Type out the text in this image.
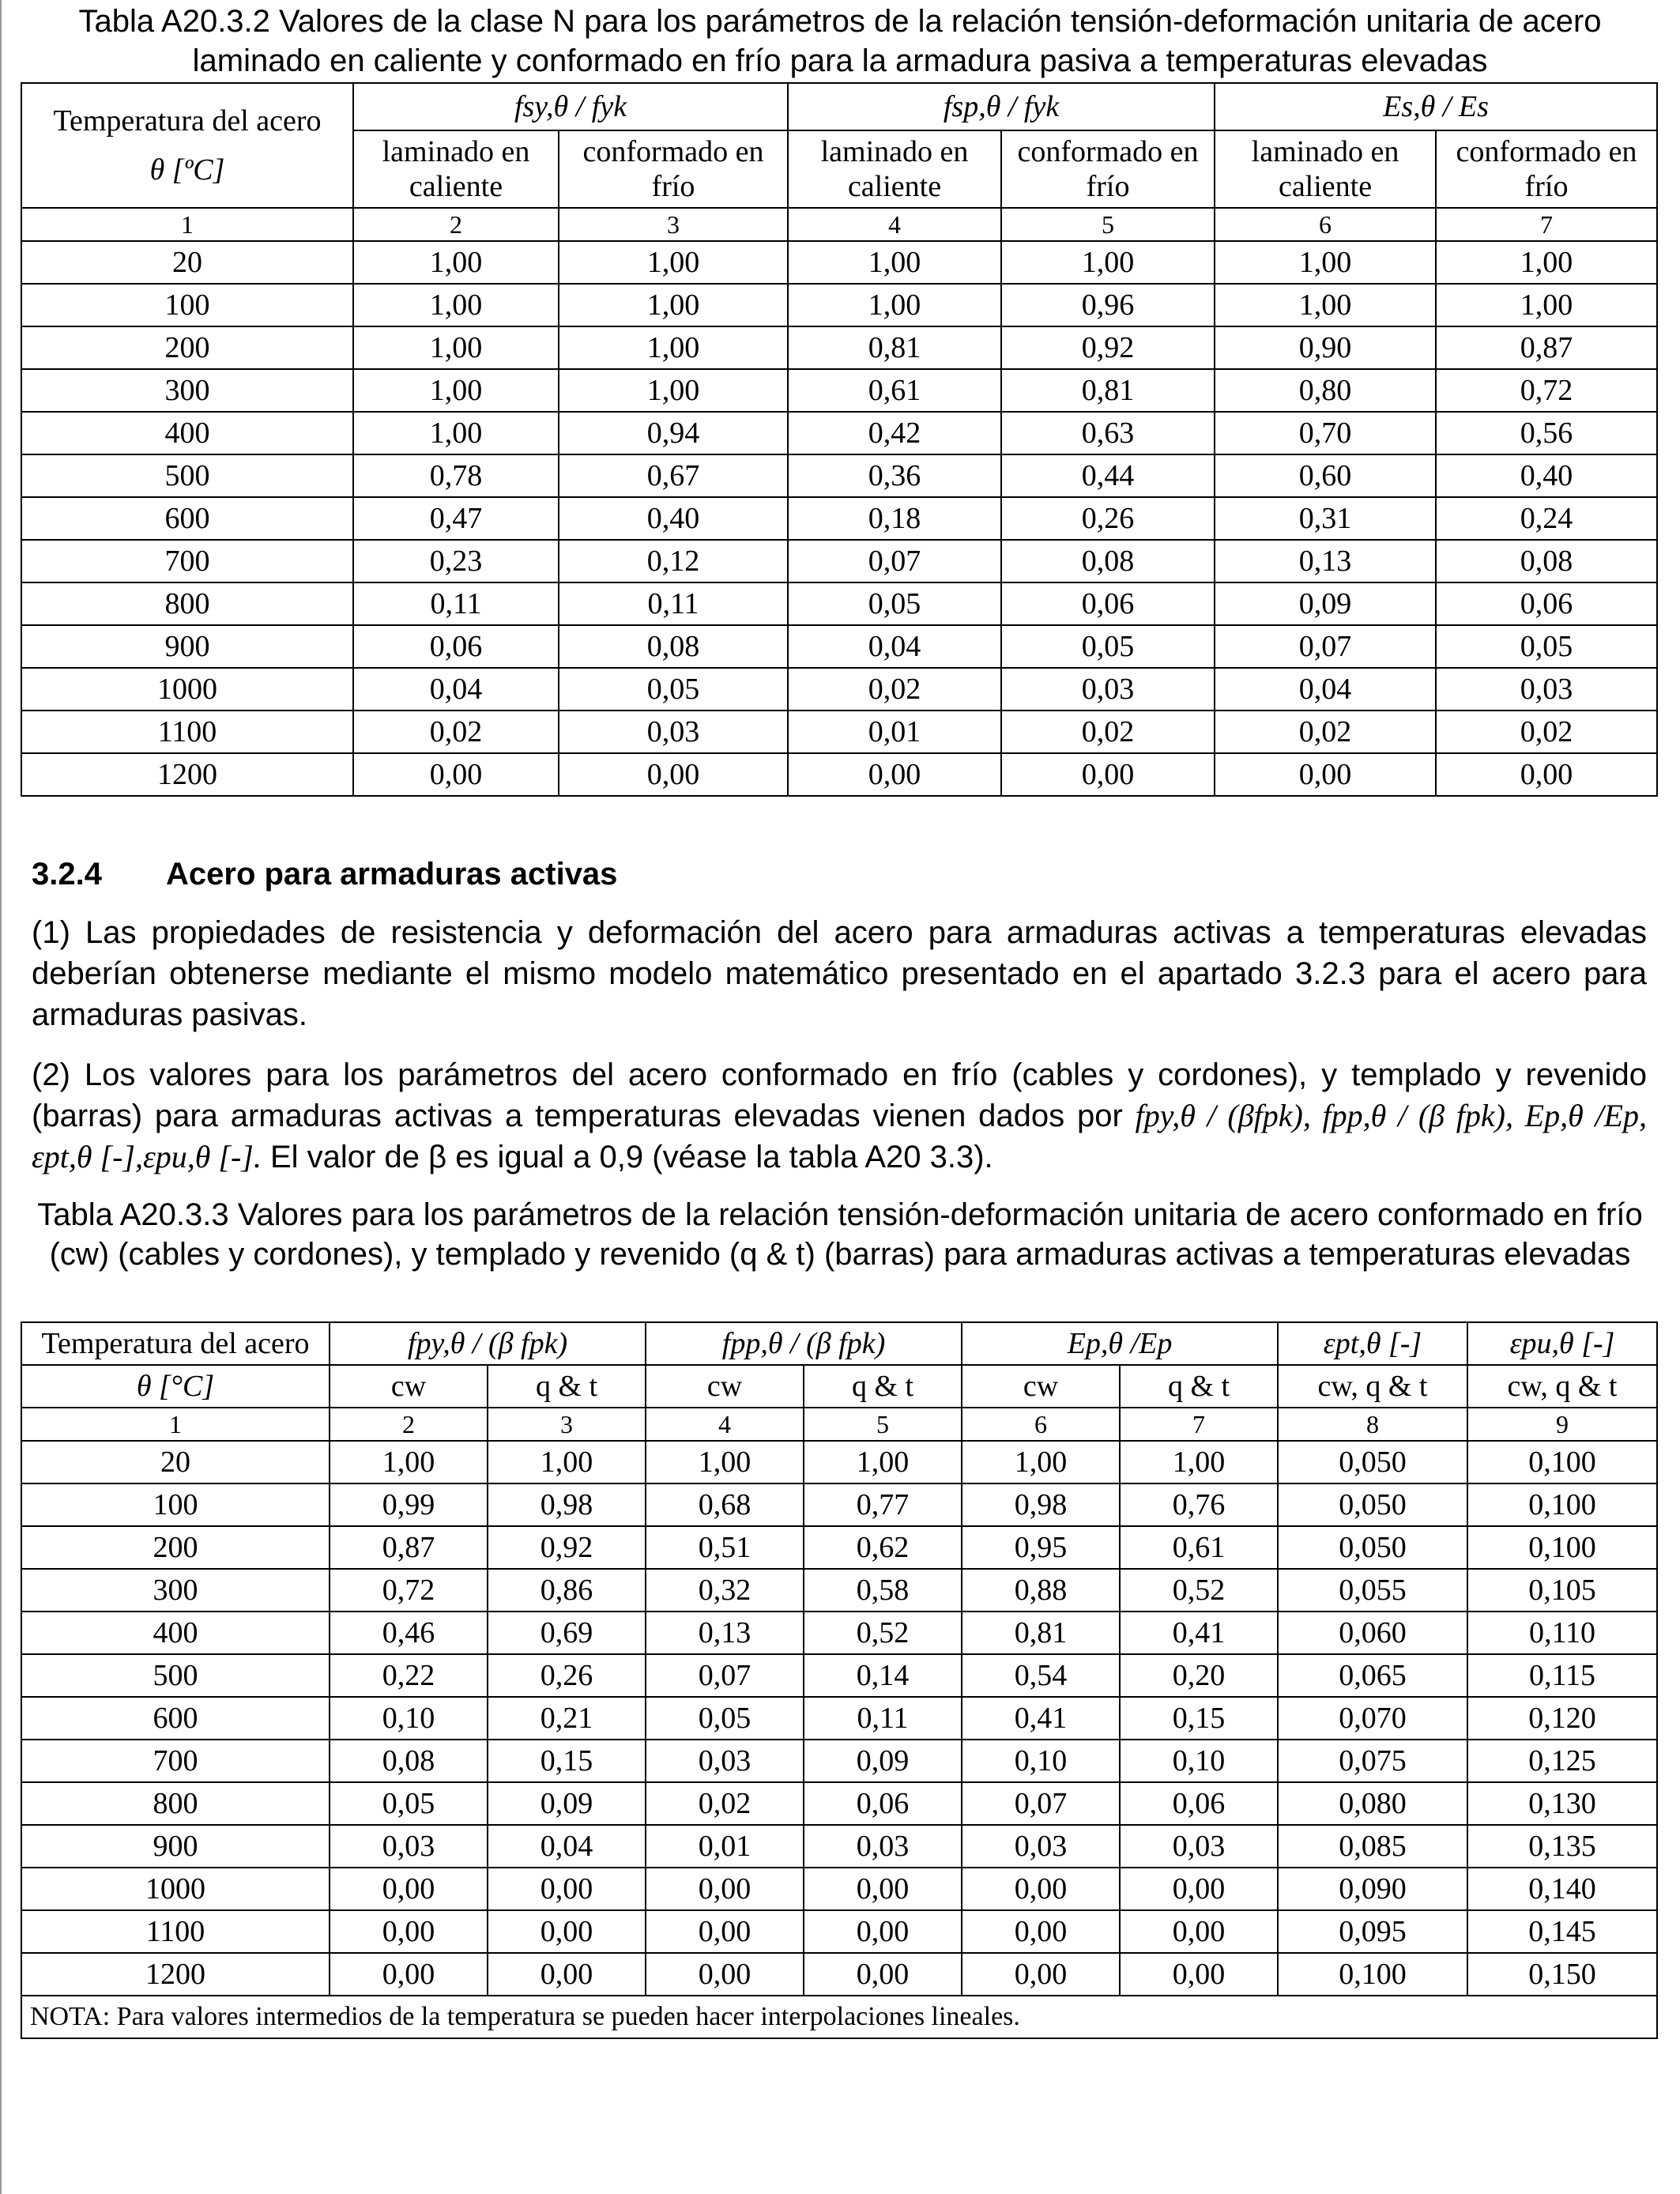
Tabla A20.3.2 Valores de la clase N para los parámetros de la relación tensión-deformación unitaria de acero laminado en caliente y conformado en frío para la armadura pasiva a temperaturas elevadas

Temperatura del acero
θ [ºC]	fsy,θ / fyk		fsp,θ / fyk		Es,θ / Es	
	laminado en caliente	conformado en frío	laminado en caliente	conformado en frío	laminado en caliente	conformado en frío
1	2	3	4	5	6	7
20	1,00	1,00	1,00	1,00	1,00	1,00
100	1,00	1,00	1,00	0,96	1,00	1,00
200	1,00	1,00	0,81	0,92	0,90	0,87
300	1,00	1,00	0,61	0,81	0,80	0,72
400	1,00	0,94	0,42	0,63	0,70	0,56
500	0,78	0,67	0,36	0,44	0,60	0,40
600	0,47	0,40	0,18	0,26	0,31	0,24
700	0,23	0,12	0,07	0,08	0,13	0,08
800	0,11	0,11	0,05	0,06	0,09	0,06
900	0,06	0,08	0,04	0,05	0,07	0,05
1000	0,04	0,05	0,02	0,03	0,04	0,03
1100	0,02	0,03	0,01	0,02	0,02	0,02
1200	0,00	0,00	0,00	0,00	0,00	0,00
3.2.4 Acero para armaduras activas

(1) Las propiedades de resistencia y deformación del acero para armaduras activas a temperaturas elevadas deberían obtenerse mediante el mismo modelo matemático presentado en el apartado 3.2.3 para el acero para armaduras pasivas.

(2) Los valores para los parámetros del acero conformado en frío (cables y cordones), y templado y revenido (barras) para armaduras activas a temperaturas elevadas vienen dados por fpy,θ / (βfpk), fpp,θ / (β fpk), Ep,θ /Ep, εpt,θ [-],εpu,θ [-]. El valor de β es igual a 0,9 (véase la tabla A20 3.3).

Tabla A20.3.3 Valores para los parámetros de la relación tensión-deformación unitaria de acero conformado en frío (cw) (cables y cordones), y templado y revenido (q & t) (barras) para armaduras activas a temperaturas elevadas

Temperatura del acero	fpy,θ / (β fpk)		fpp,θ / (β fpk)		Ep,θ /Ep		εpt,θ [-]	εpu,θ [-]
θ [°C]	cw	q & t	cw	q & t	cw	q & t	cw, q & t	cw, q & t
1	2	3	4	5	6	7	8	9
20	1,00	1,00	1,00	1,00	1,00	1,00	0,050	0,100
100	0,99	0,98	0,68	0,77	0,98	0,76	0,050	0,100
200	0,87	0,92	0,51	0,62	0,95	0,61	0,050	0,100
300	0,72	0,86	0,32	0,58	0,88	0,52	0,055	0,105
400	0,46	0,69	0,13	0,52	0,81	0,41	0,060	0,110
500	0,22	0,26	0,07	0,14	0,54	0,20	0,065	0,115
600	0,10	0,21	0,05	0,11	0,41	0,15	0,070	0,120
700	0,08	0,15	0,03	0,09	0,10	0,10	0,075	0,125
800	0,05	0,09	0,02	0,06	0,07	0,06	0,080	0,130
900	0,03	0,04	0,01	0,03	0,03	0,03	0,085	0,135
1000	0,00	0,00	0,00	0,00	0,00	0,00	0,090	0,140
1100	0,00	0,00	0,00	0,00	0,00	0,00	0,095	0,145
1200	0,00	0,00	0,00	0,00	0,00	0,00	0,100	0,150
NOTA: Para valores intermedios de la temperatura se pueden hacer interpolaciones lineales.								
